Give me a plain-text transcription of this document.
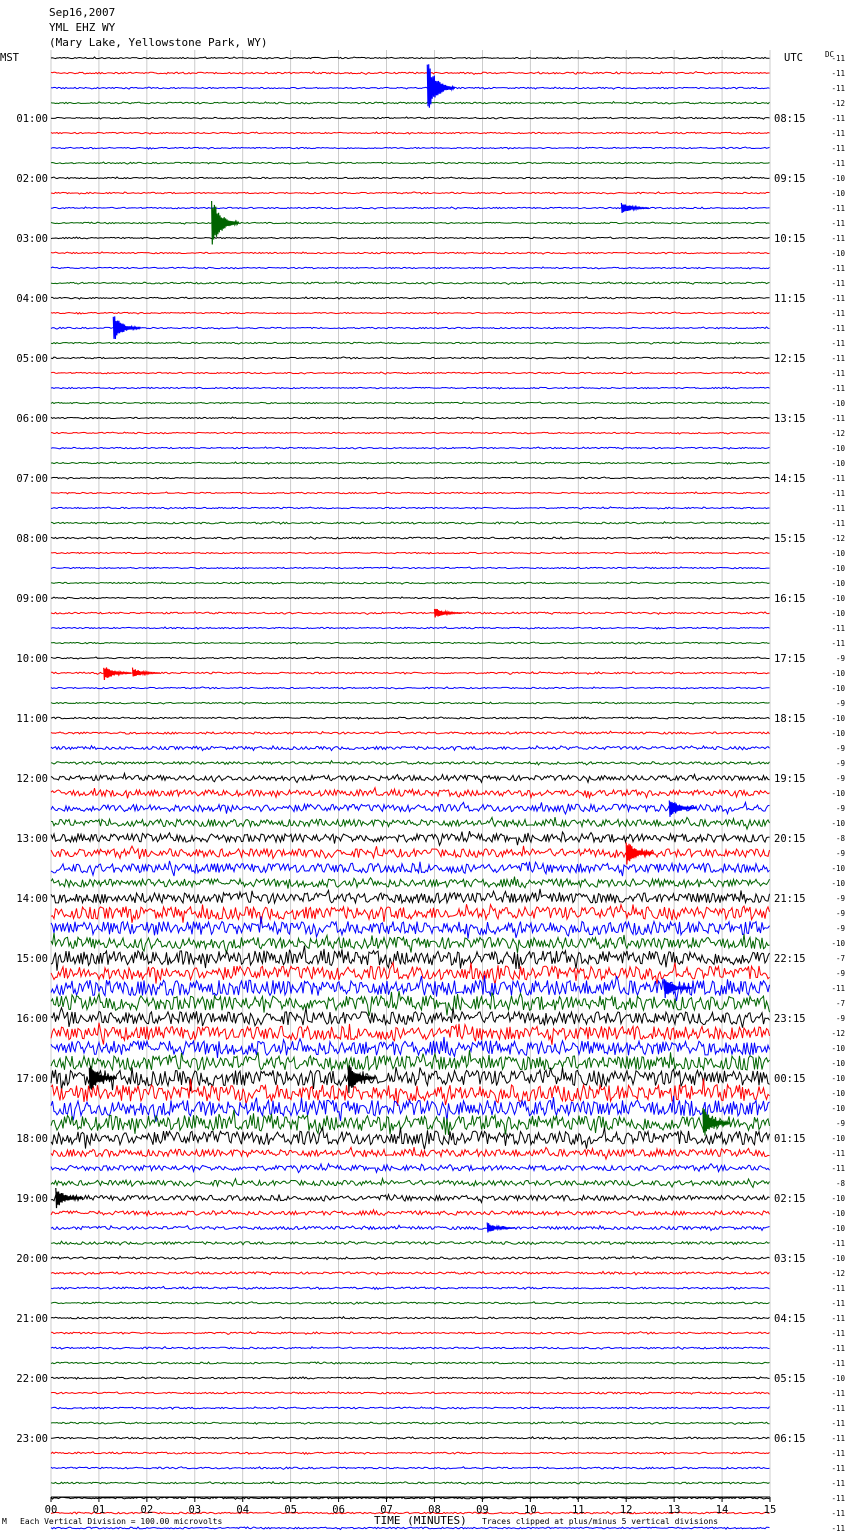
Sep16,2007
YML EHZ WY
(Mary Lake, Yellowstone Park, WY)
MST	UTC	DC
01:00
02:00
03:00
04:00
05:00
06:00
07:00
08:00
09:00
10:00
11:00
12:00
13:00
14:00
15:00
16:00
17:00
18:00
19:00
20:00
21:00
22:00
23:00
08:15
09:15
10:15
11:15
12:15
13:15
14:15
15:15
16:15
17:15
18:15
19:15
20:15
21:15
22:15
23:15
00:15
01:15
02:15
03:15
04:15
05:15
06:15
-11
-11
-11
-12
-11
-11
-11
-11
-10
-10
-11
-11
-11
-10
-11
-11
-11
-11
-11
-11
-11
-11
-11
-10
-11
-12
-10
-10
-11
-11
-11
-11
-12
-10
-10
-10
-10
-10
-11
-11
-9
-10
-10
-9
-10
-10
-9
-9
-9
-10
-9
-10
-8
-9
-10
-10
-9
-9
-9
-10
-7
-9
-11
-7
-9
-12
-10
-10
-10
-10
-10
-9
-10
-11
-11
-8
-10
-10
-10
-11
-10
-12
-11
-11
-11
-11
-11
-11
-10
-11
-11
-11
-11
-11
-11
-11
-11
-11
-11
00	01	02	03	04	05	06	07	08	09	10	11	12	13	14	15
M Each Vertical Division = 100.00 microvolts	TIME (MINUTES) Traces clipped at plus/minus 5 vertical divisions
